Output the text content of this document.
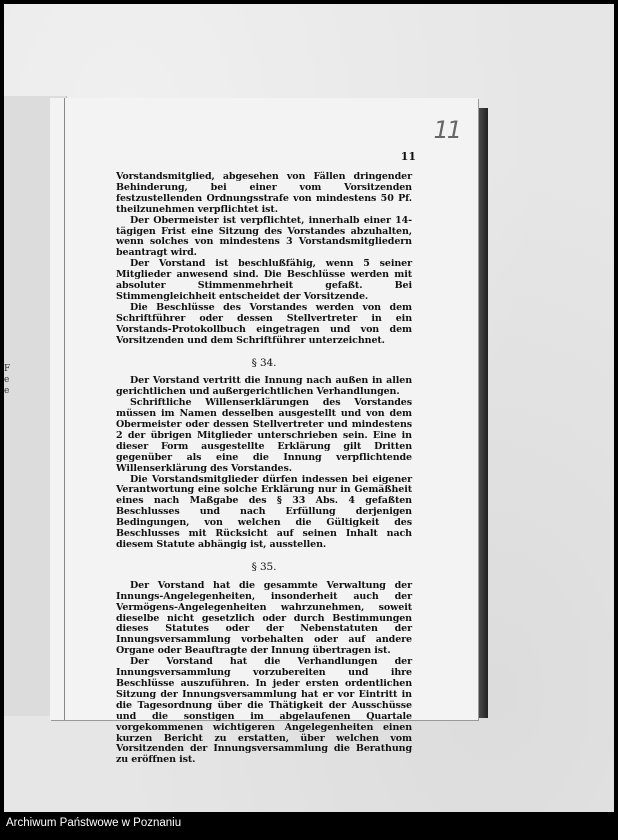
Fe e
11
11

Vorstandsmitglied, abgesehen von Fällen dringender Behinderung, bei einer vom Vorsitzenden festzustellenden Ordnungsstrafe von mindestens 50 Pf. theilzunehmen verpflichtet ist.

Der Obermeister ist verpflichtet, innerhalb einer 14-tägigen Frist eine Sitzung des Vorstandes abzuhalten, wenn solches von mindestens 3 Vorstandsmitgliedern beantragt wird.

Der Vorstand ist beschlußfähig, wenn 5 seiner Mitglieder anwesend sind. Die Beschlüsse werden mit absoluter Stimmenmehrheit gefaßt. Bei Stimmengleichheit entscheidet der Vorsitzende.

Die Beschlüsse des Vorstandes werden von dem Schriftführer oder dessen Stellvertreter in ein Vorstands-Protokollbuch eingetragen und von dem Vorsitzenden und dem Schriftführer unterzeichnet.

§ 34.

Der Vorstand vertritt die Innung nach außen in allen gerichtlichen und außergerichtlichen Verhandlungen.

Schriftliche Willenserklärungen des Vorstandes müssen im Namen desselben ausgestellt und von dem Obermeister oder dessen Stellvertreter und mindestens 2 der übrigen Mitglieder unterschrieben sein. Eine in dieser Form ausgestellte Erklärung gilt Dritten gegenüber als eine die Innung verpflichtende Willenserklärung des Vorstandes.

Die Vorstandsmitglieder dürfen indessen bei eigener Verantwortung eine solche Erklärung nur in Gemäßheit eines nach Maßgabe des § 33 Abs. 4 gefaßten Beschlusses und nach Erfüllung derjenigen Bedingungen, von welchen die Gültigkeit des Beschlusses mit Rücksicht auf seinen Inhalt nach diesem Statute abhängig ist, ausstellen.

§ 35.

Der Vorstand hat die gesammte Verwaltung der Innungs-Angelegenheiten, insonderheit auch der Vermögens-Angelegenheiten wahrzunehmen, soweit dieselbe nicht gesetzlich oder durch Bestimmungen dieses Statutes oder der Nebenstatuten der Innungsversammlung vorbehalten oder auf andere Organe oder Beauftragte der Innung übertragen ist.

Der Vorstand hat die Verhandlungen der Innungsversammlung vorzubereiten und ihre Beschlüsse auszuführen. In jeder ersten ordentlichen Sitzung der Innungsversammlung hat er vor Eintritt in die Tagesordnung über die Thätigkeit der Ausschüsse und die sonstigen im abgelaufenen Quartale vorgekommenen wichtigeren Angelegenheiten einen kurzen Bericht zu erstatten, über welchen vom Vorsitzenden der Innungsversammlung die Berathung zu eröffnen ist.

Archiwum Państwowe w Poznaniu
